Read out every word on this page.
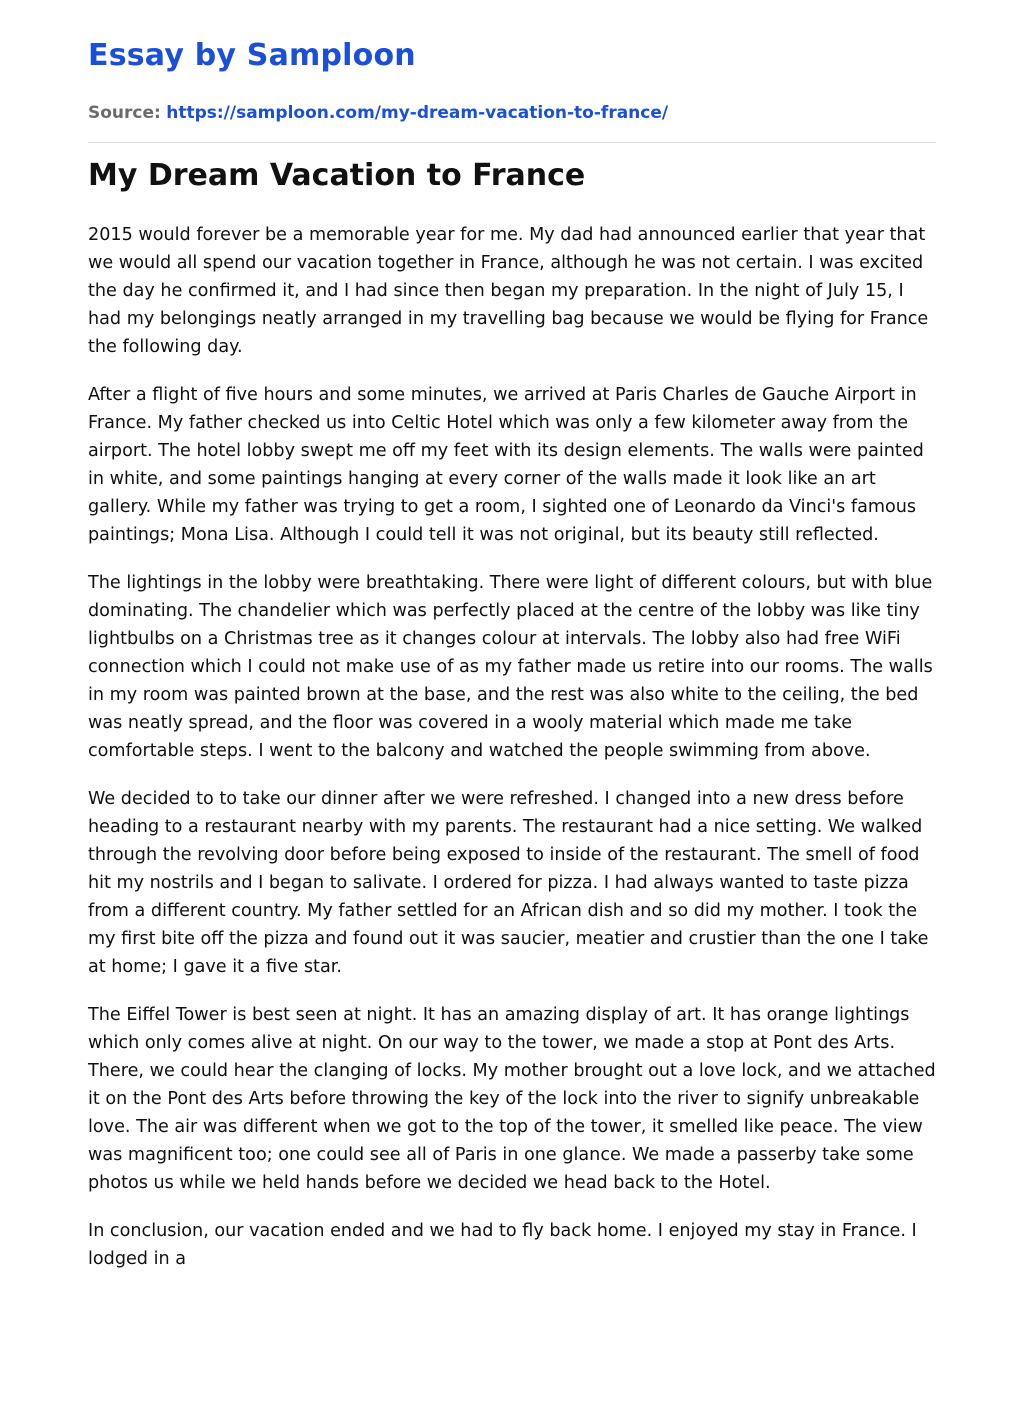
Essay by Samploon
Source: https://samploon.com/my-dream-vacation-to-france/
My Dream Vacation to France

2015 would forever be a memorable year for me. My dad had announced earlier that year that we would all spend our vacation together in France, although he was not certain. I was excited the day he confirmed it, and I had since then began my preparation. In the night of July 15, I had my belongings neatly arranged in my travelling bag because we would be flying for France the following day.

After a flight of five hours and some minutes, we arrived at Paris Charles de Gauche Airport in France. My father checked us into Celtic Hotel which was only a few kilometer away from the airport. The hotel lobby swept me off my feet with its design elements. The walls were painted in white, and some paintings hanging at every corner of the walls made it look like an art gallery. While my father was trying to get a room, I sighted one of Leonardo da Vinci's famous paintings; Mona Lisa. Although I could tell it was not original, but its beauty still reflected.

The lightings in the lobby were breathtaking. There were light of different colours, but with blue dominating. The chandelier which was perfectly placed at the centre of the lobby was like tiny lightbulbs on a Christmas tree as it changes colour at intervals. The lobby also had free WiFi connection which I could not make use of as my father made us retire into our rooms. The walls in my room was painted brown at the base, and the rest was also white to the ceiling, the bed was neatly spread, and the floor was covered in a wooly material which made me take comfortable steps. I went to the balcony and watched the people swimming from above.

We decided to to take our dinner after we were refreshed. I changed into a new dress before heading to a restaurant nearby with my parents. The restaurant had a nice setting. We walked through the revolving door before being exposed to inside of the restaurant. The smell of food hit my nostrils and I began to salivate. I ordered for pizza. I had always wanted to taste pizza from a different country. My father settled for an African dish and so did my mother. I took the my first bite off the pizza and found out it was saucier, meatier and crustier than the one I take at home; I gave it a five star.

The Eiffel Tower is best seen at night. It has an amazing display of art. It has orange lightings which only comes alive at night. On our way to the tower, we made a stop at Pont des Arts. There, we could hear the clanging of locks. My mother brought out a love lock, and we attached it on the Pont des Arts before throwing the key of the lock into the river to signify unbreakable love. The air was different when we got to the top of the tower, it smelled like peace. The view was magnificent too; one could see all of Paris in one glance. We made a passerby take some photos us while we held hands before we decided we head back to the Hotel.

In conclusion, our vacation ended and we had to fly back home. I enjoyed my stay in France. I lodged in a
